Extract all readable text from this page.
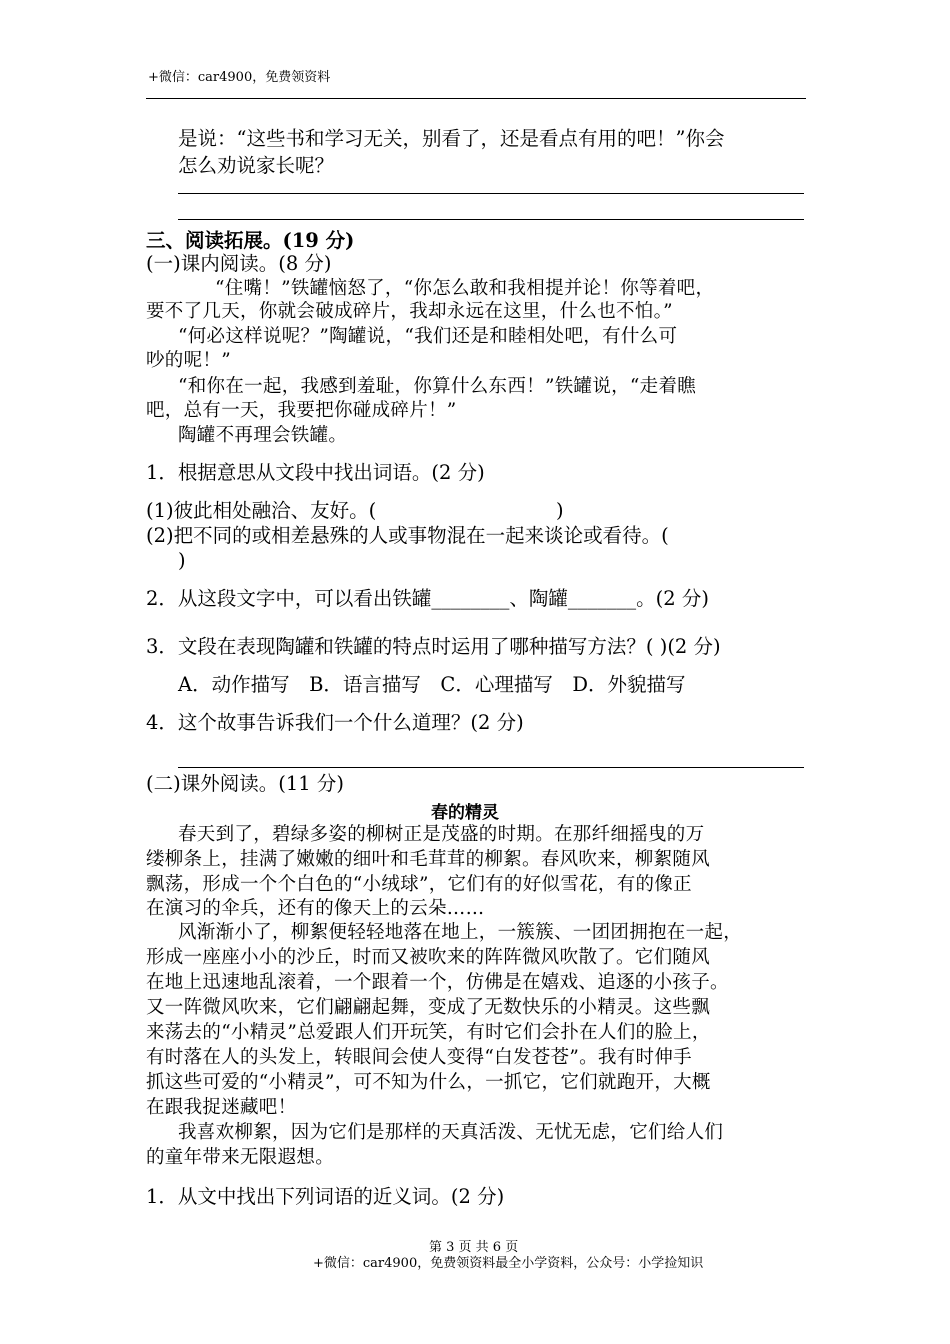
+微信：car4900，免费领资料
是说：“这些书和学习无关，别看了，还是看点有用的吧！”你会
怎么劝说家长呢？
三、阅读拓展。(19 分)
(一)课内阅读。(8 分)
“住嘴！”铁罐恼怒了，“你怎么敢和我相提并论！你等着吧，
要不了几天，你就会破成碎片，我却永远在这里，什么也不怕。”
“何必这样说呢？”陶罐说，“我们还是和睦相处吧，有什么可
吵的呢！”
“和你在一起，我感到羞耻，你算什么东西！”铁罐说，“走着瞧
吧，总有一天，我要把你碰成碎片！”
陶罐不再理会铁罐。
1．根据意思从文段中找出词语。(2 分)
(1)彼此相处融洽、友好。(	)
(2)把不同的或相差悬殊的人或事物混在一起来谈论或看待。(
)
2．从这段文字中，可以看出铁罐________、陶罐_______。(2 分)
3．文段在表现陶罐和铁罐的特点时运用了哪种描写方法？( )(2 分)
A．动作描写　B．语言描写　C．心理描写　D．外貌描写
4．这个故事告诉我们一个什么道理？(2 分)
(二)课外阅读。(11 分)
春的精灵
春天到了，碧绿多姿的柳树正是茂盛的时期。在那纤细摇曳的万
缕柳条上，挂满了嫩嫩的细叶和毛茸茸的柳絮。春风吹来，柳絮随风
飘荡，形成一个个白色的“小绒球”，它们有的好似雪花，有的像正
在演习的伞兵，还有的像天上的云朵……
风渐渐小了，柳絮便轻轻地落在地上，一簇簇、一团团拥抱在一起，
形成一座座小小的沙丘，时而又被吹来的阵阵微风吹散了。它们随风
在地上迅速地乱滚着，一个跟着一个，仿佛是在嬉戏、追逐的小孩子。
又一阵微风吹来，它们翩翩起舞，变成了无数快乐的小精灵。这些飘
来荡去的“小精灵”总爱跟人们开玩笑，有时它们会扑在人们的脸上，
有时落在人的头发上，转眼间会使人变得“白发苍苍”。我有时伸手
抓这些可爱的“小精灵”，可不知为什么，一抓它，它们就跑开，大概
在跟我捉迷藏吧！
我喜欢柳絮，因为它们是那样的天真活泼、无忧无虑，它们给人们
的童年带来无限遐想。
1．从文中找出下列词语的近义词。(2 分)
第 3 页 共 6 页
+微信：car4900，免费领资料最全小学资料，公众号：小学捡知识
